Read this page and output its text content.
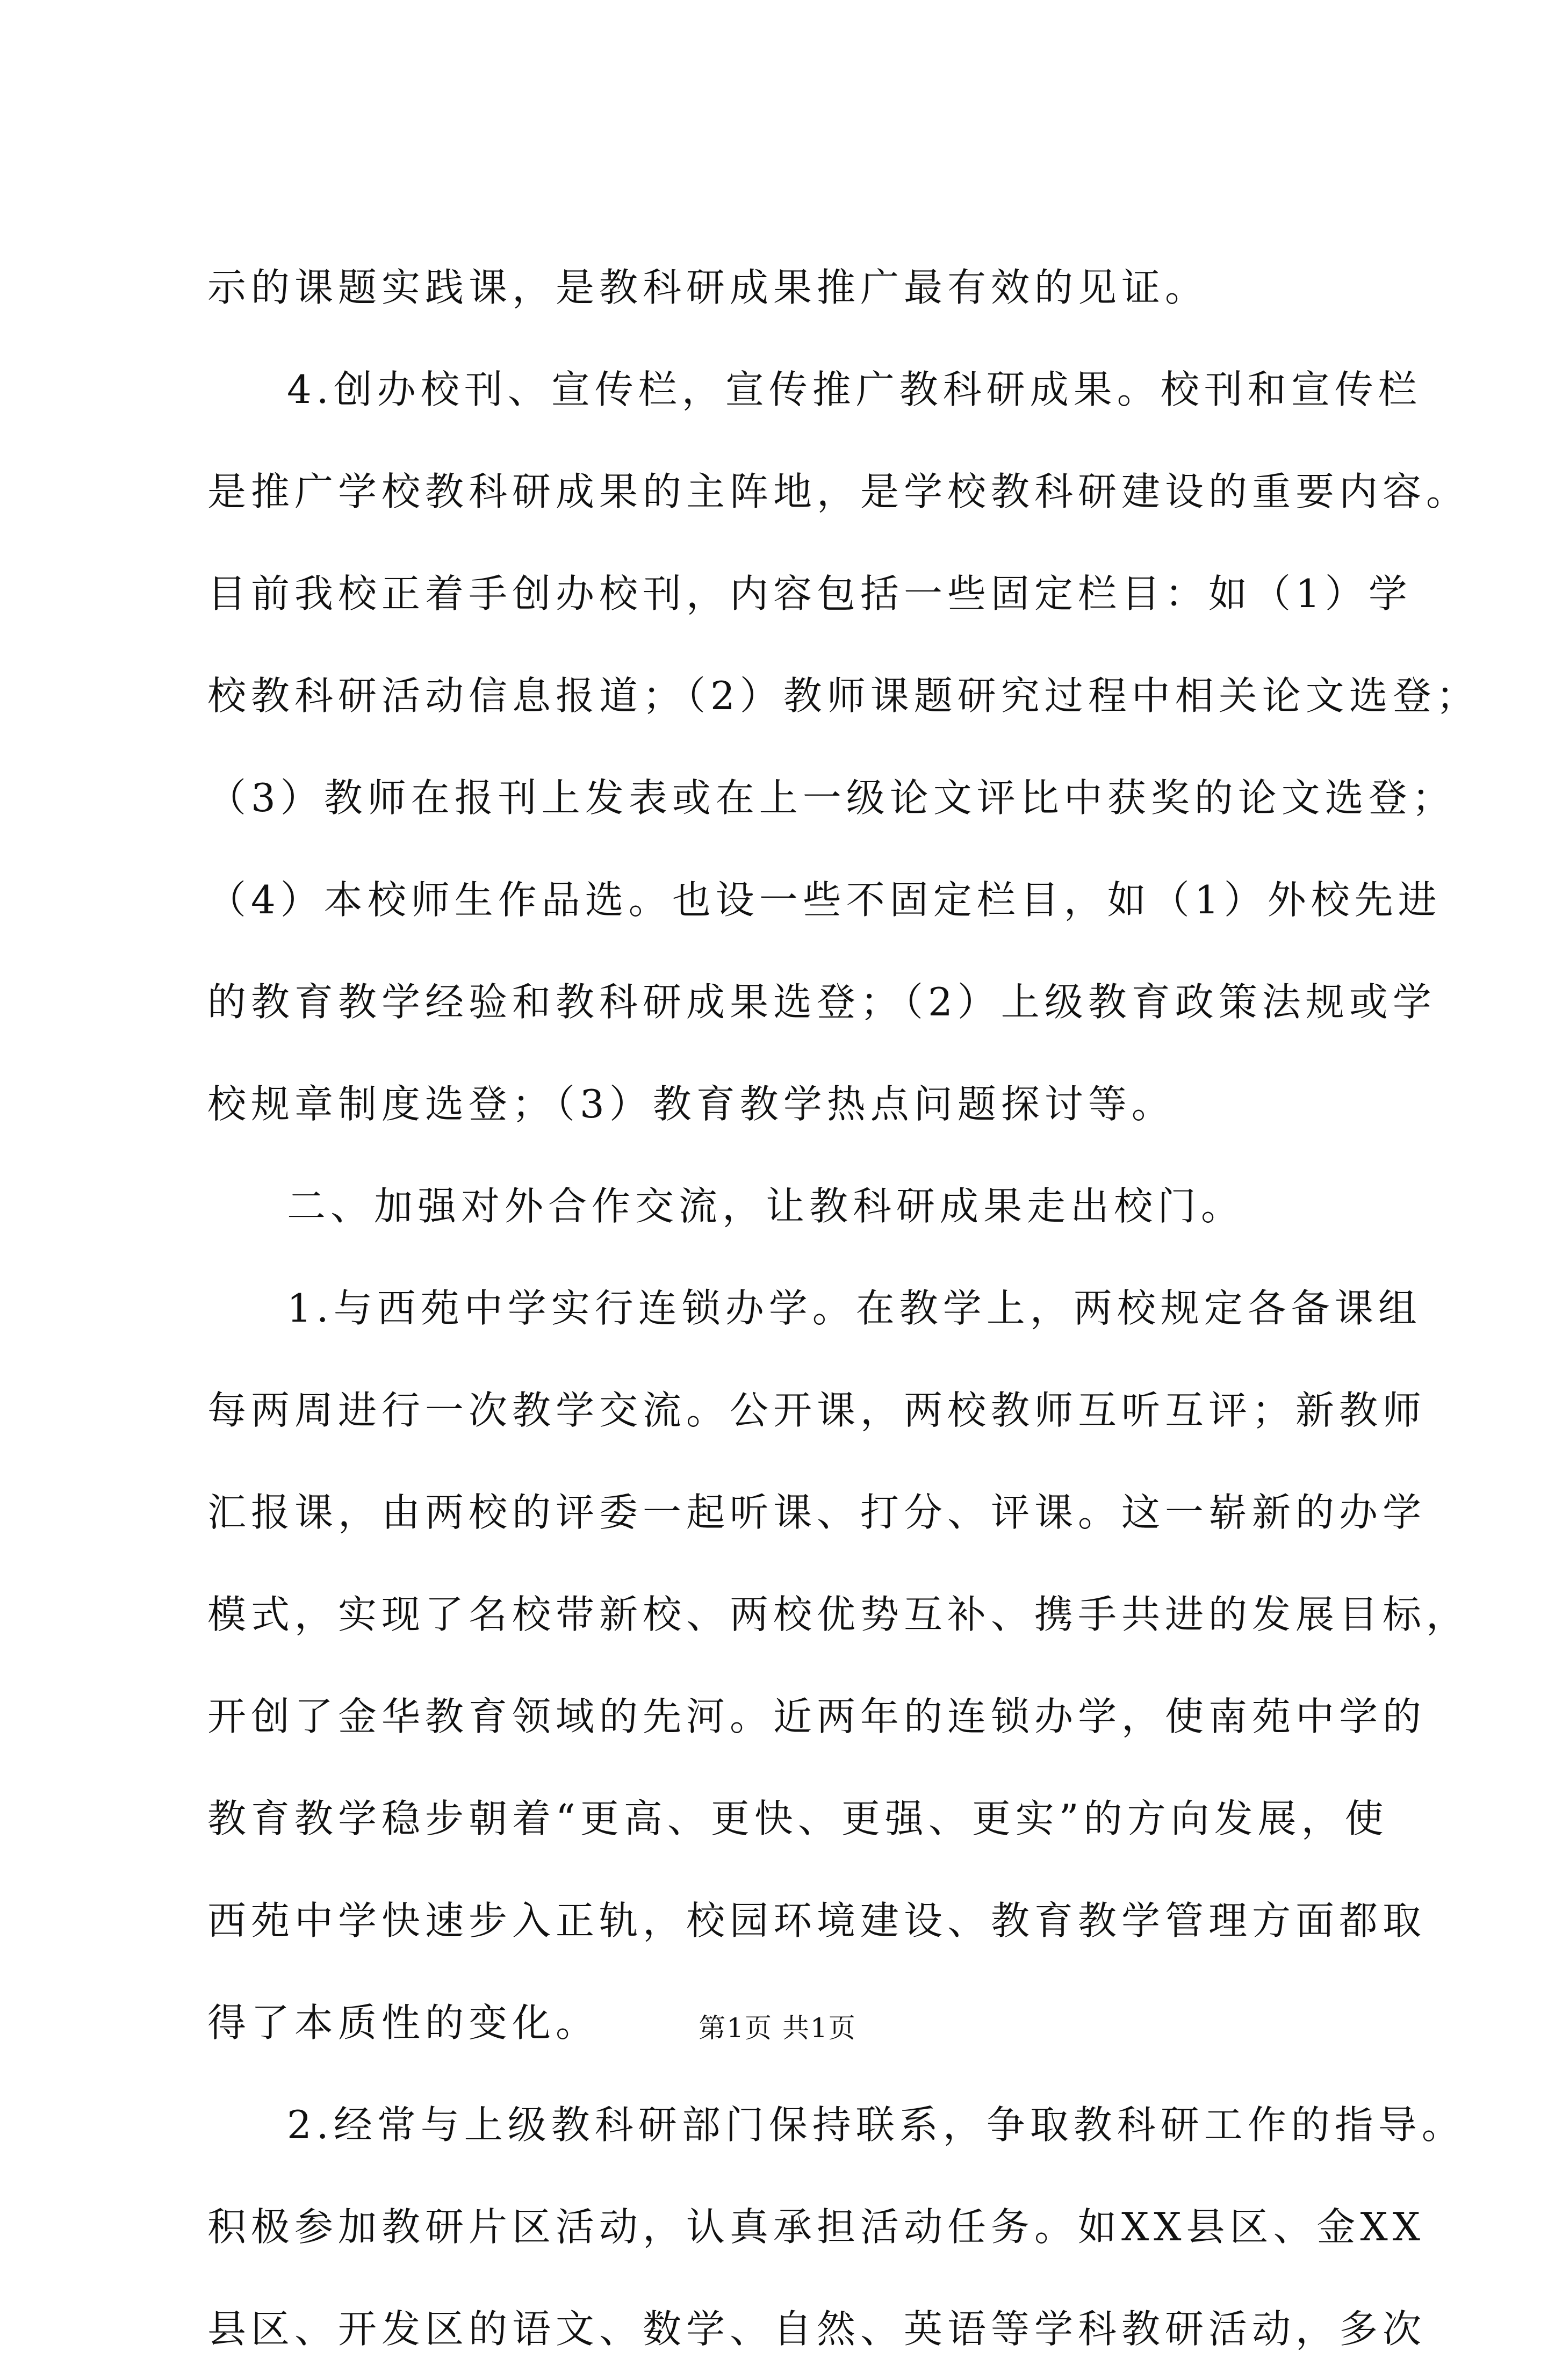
示的课题实践课，是教科研成果推广最有效的见证。
4.创办校刊、宣传栏，宣传推广教科研成果。校刊和宣传栏
是推广学校教科研成果的主阵地，是学校教科研建设的重要内容。
目前我校正着手创办校刊，内容包括一些固定栏目：如（1）学
校教科研活动信息报道；（2）教师课题研究过程中相关论文选登；
（3）教师在报刊上发表或在上一级论文评比中获奖的论文选登；
（4）本校师生作品选。也设一些不固定栏目，如（1）外校先进
的教育教学经验和教科研成果选登；（2）上级教育政策法规或学
校规章制度选登；（3）教育教学热点问题探讨等。
二、加强对外合作交流，让教科研成果走出校门。
1.与西苑中学实行连锁办学。在教学上，两校规定各备课组
每两周进行一次教学交流。公开课，两校教师互听互评；新教师
汇报课，由两校的评委一起听课、打分、评课。这一崭新的办学
模式，实现了名校带新校、两校优势互补、携手共进的发展目标，
开创了金华教育领域的先河。近两年的连锁办学，使南苑中学的
教育教学稳步朝着“更高、更快、更强、更实”的方向发展，使
西苑中学快速步入正轨，校园环境建设、教育教学管理方面都取
得了本质性的变化。
2.经常与上级教科研部门保持联系，争取教科研工作的指导。
积极参加教研片区活动，认真承担活动任务。如XX县区、金XX
县区、开发区的语文、数学、自然、英语等学科教研活动，多次
第1页 共1页
